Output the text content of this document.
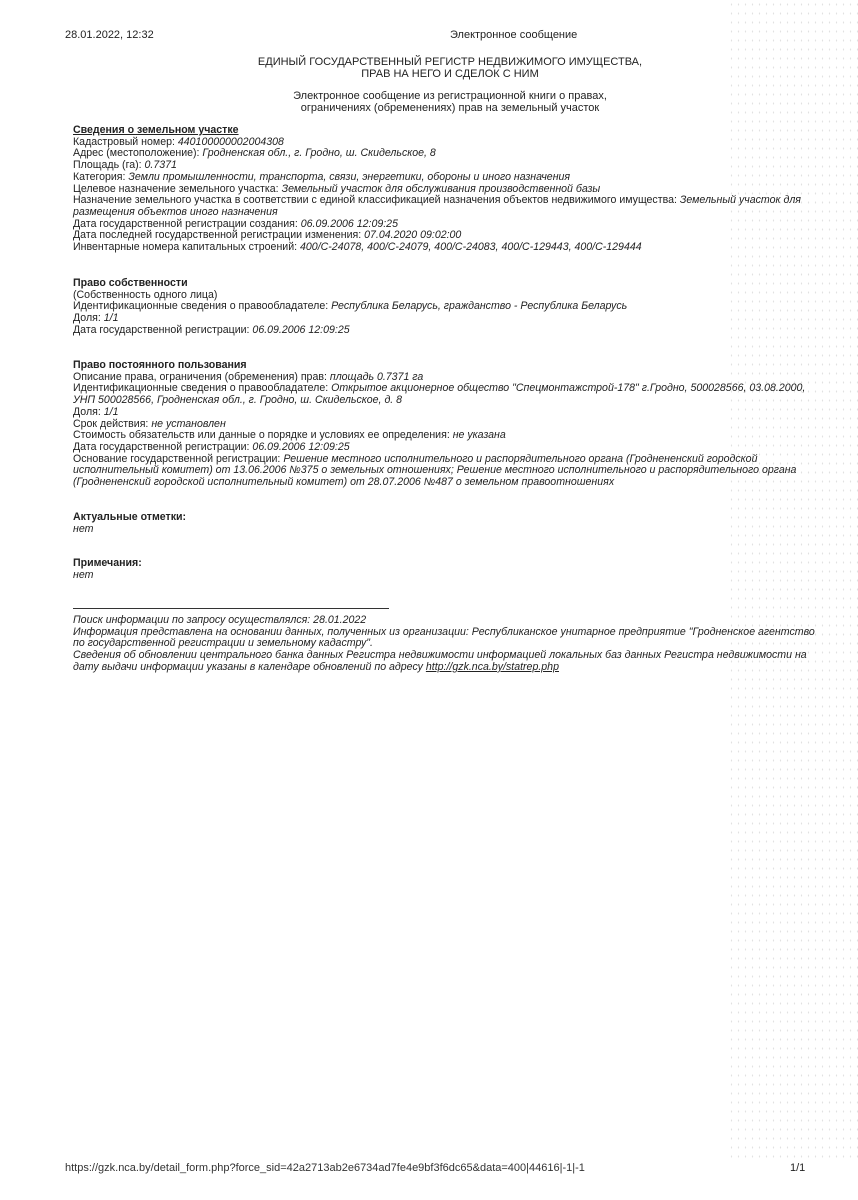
28.01.2022, 12:32	Электронное сообщение
ЕДИНЫЙ ГОСУДАРСТВЕННЫЙ РЕГИСТР НЕДВИЖИМОГО ИМУЩЕСТВА,
ПРАВ НА НЕГО И СДЕЛОК С НИМ
Электронное сообщение из регистрационной книги о правах,
ограничениях (обременениях) прав на земельный участок
Сведения о земельном участке
Кадастровый номер: 440100000002004308
Адрес (местоположение): Гродненская обл., г. Гродно, ш. Скидельское, 8
Площадь (га): 0.7371
Категория: Земли промышленности, транспорта, связи, энергетики, обороны и иного назначения
Целевое назначение земельного участка: Земельный участок для обслуживания производственной базы
Назначение земельного участка в соответствии с единой классификацией назначения объектов недвижимого имущества: Земельный участок для размещения объектов иного назначения
Дата государственной регистрации создания: 06.09.2006 12:09:25
Дата последней государственной регистрации изменения: 07.04.2020 09:02:00
Инвентарные номера капитальных строений: 400/С-24078, 400/С-24079, 400/С-24083, 400/С-129443, 400/С-129444
Право собственности
(Собственность одного лица)
Идентификационные сведения о правообладателе: Республика Беларусь, гражданство - Республика Беларусь
Доля: 1/1
Дата государственной регистрации: 06.09.2006 12:09:25
Право постоянного пользования
Описание права, ограничения (обременения) прав: площадь 0.7371 га
Идентификационные сведения о правообладателе: Открытое акционерное общество "Спецмонтажстрой-178" г.Гродно, 500028566, 03.08.2000, УНП 500028566, Гродненская обл., г. Гродно, ш. Скидельское, д. 8
Доля: 1/1
Срок действия: не установлен
Стоимость обязательств или данные о порядке и условиях ее определения: не указана
Дата государственной регистрации: 06.09.2006 12:09:25
Основание государственной регистрации: Решение местного исполнительного и распорядительного органа (Гроднененский городской исполнительный комитет) от 13.06.2006 №375 о земельных отношениях; Решение местного исполнительного и распорядительного органа (Гроднененский городской исполнительный комитет) от 28.07.2006 №487 о земельном правоотношениях
Актуальные отметки:
нет
Примечания:
нет
Поиск информации по запросу осуществлялся: 28.01.2022
Информация представлена на основании данных, полученных из организации: Республиканское унитарное предприятие "Гродненское агентство по государственной регистрации и земельному кадастру".
Сведения об обновлении центрального банка данных Регистра недвижимости информацией локальных баз данных Регистра недвижимости на дату выдачи информации указаны в календаре обновлений по адресу http://gzk.nca.by/statrep.php
https://gzk.nca.by/detail_form.php?force_sid=42a2713ab2e6734ad7fe4e9bf3f6dc65&data=400|44616|-1|-1	1/1
